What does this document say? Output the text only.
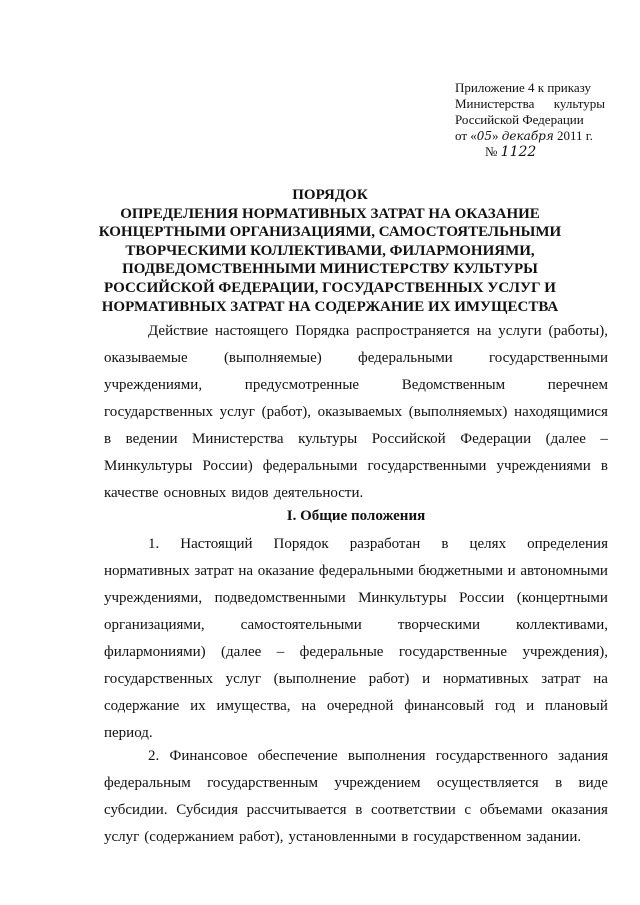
Приложение 4 к приказу
Министерства культуры
Российской Федерации
от «05» декабря 2011 г.
№ 1122
ПОРЯДОК
ОПРЕДЕЛЕНИЯ НОРМАТИВНЫХ ЗАТРАТ НА ОКАЗАНИЕ
КОНЦЕРТНЫМИ ОРГАНИЗАЦИЯМИ, САМОСТОЯТЕЛЬНЫМИ
ТВОРЧЕСКИМИ КОЛЛЕКТИВАМИ, ФИЛАРМОНИЯМИ,
ПОДВЕДОМСТВЕННЫМИ МИНИСТЕРСТВУ КУЛЬТУРЫ
РОССИЙСКОЙ ФЕДЕРАЦИИ, ГОСУДАРСТВЕННЫХ УСЛУГ И
НОРМАТИВНЫХ ЗАТРАТ НА СОДЕРЖАНИЕ ИХ ИМУЩЕСТВА
Действие настоящего Порядка распространяется на услуги (работы),
оказываемые (выполняемые) федеральными государственными
учреждениями,	предусмотренные	Ведомственным	перечнем
государственных услуг (работ), оказываемых (выполняемых) находящимися
в ведении Министерства культуры Российской Федерации (далее –
Минкультуры России) федеральными государственными учреждениями в
качестве основных видов деятельности.
I. Общие положения
1. Настоящий Порядок разработан в целях определения
нормативных затрат на оказание федеральными бюджетными и автономными
учреждениями, подведомственными Минкультуры России (концертными
организациями, самостоятельными творческими коллективами,
филармониями) (далее – федеральные государственные учреждения),
государственных услуг (выполнение работ) и нормативных затрат на
содержание их имущества, на очередной финансовый год и плановый
период.
2. Финансовое обеспечение выполнения государственного задания
федеральным государственным учреждением осуществляется в виде
субсидии. Субсидия рассчитывается в соответствии с объемами оказания
услуг (содержанием работ), установленными в государственном задании.
